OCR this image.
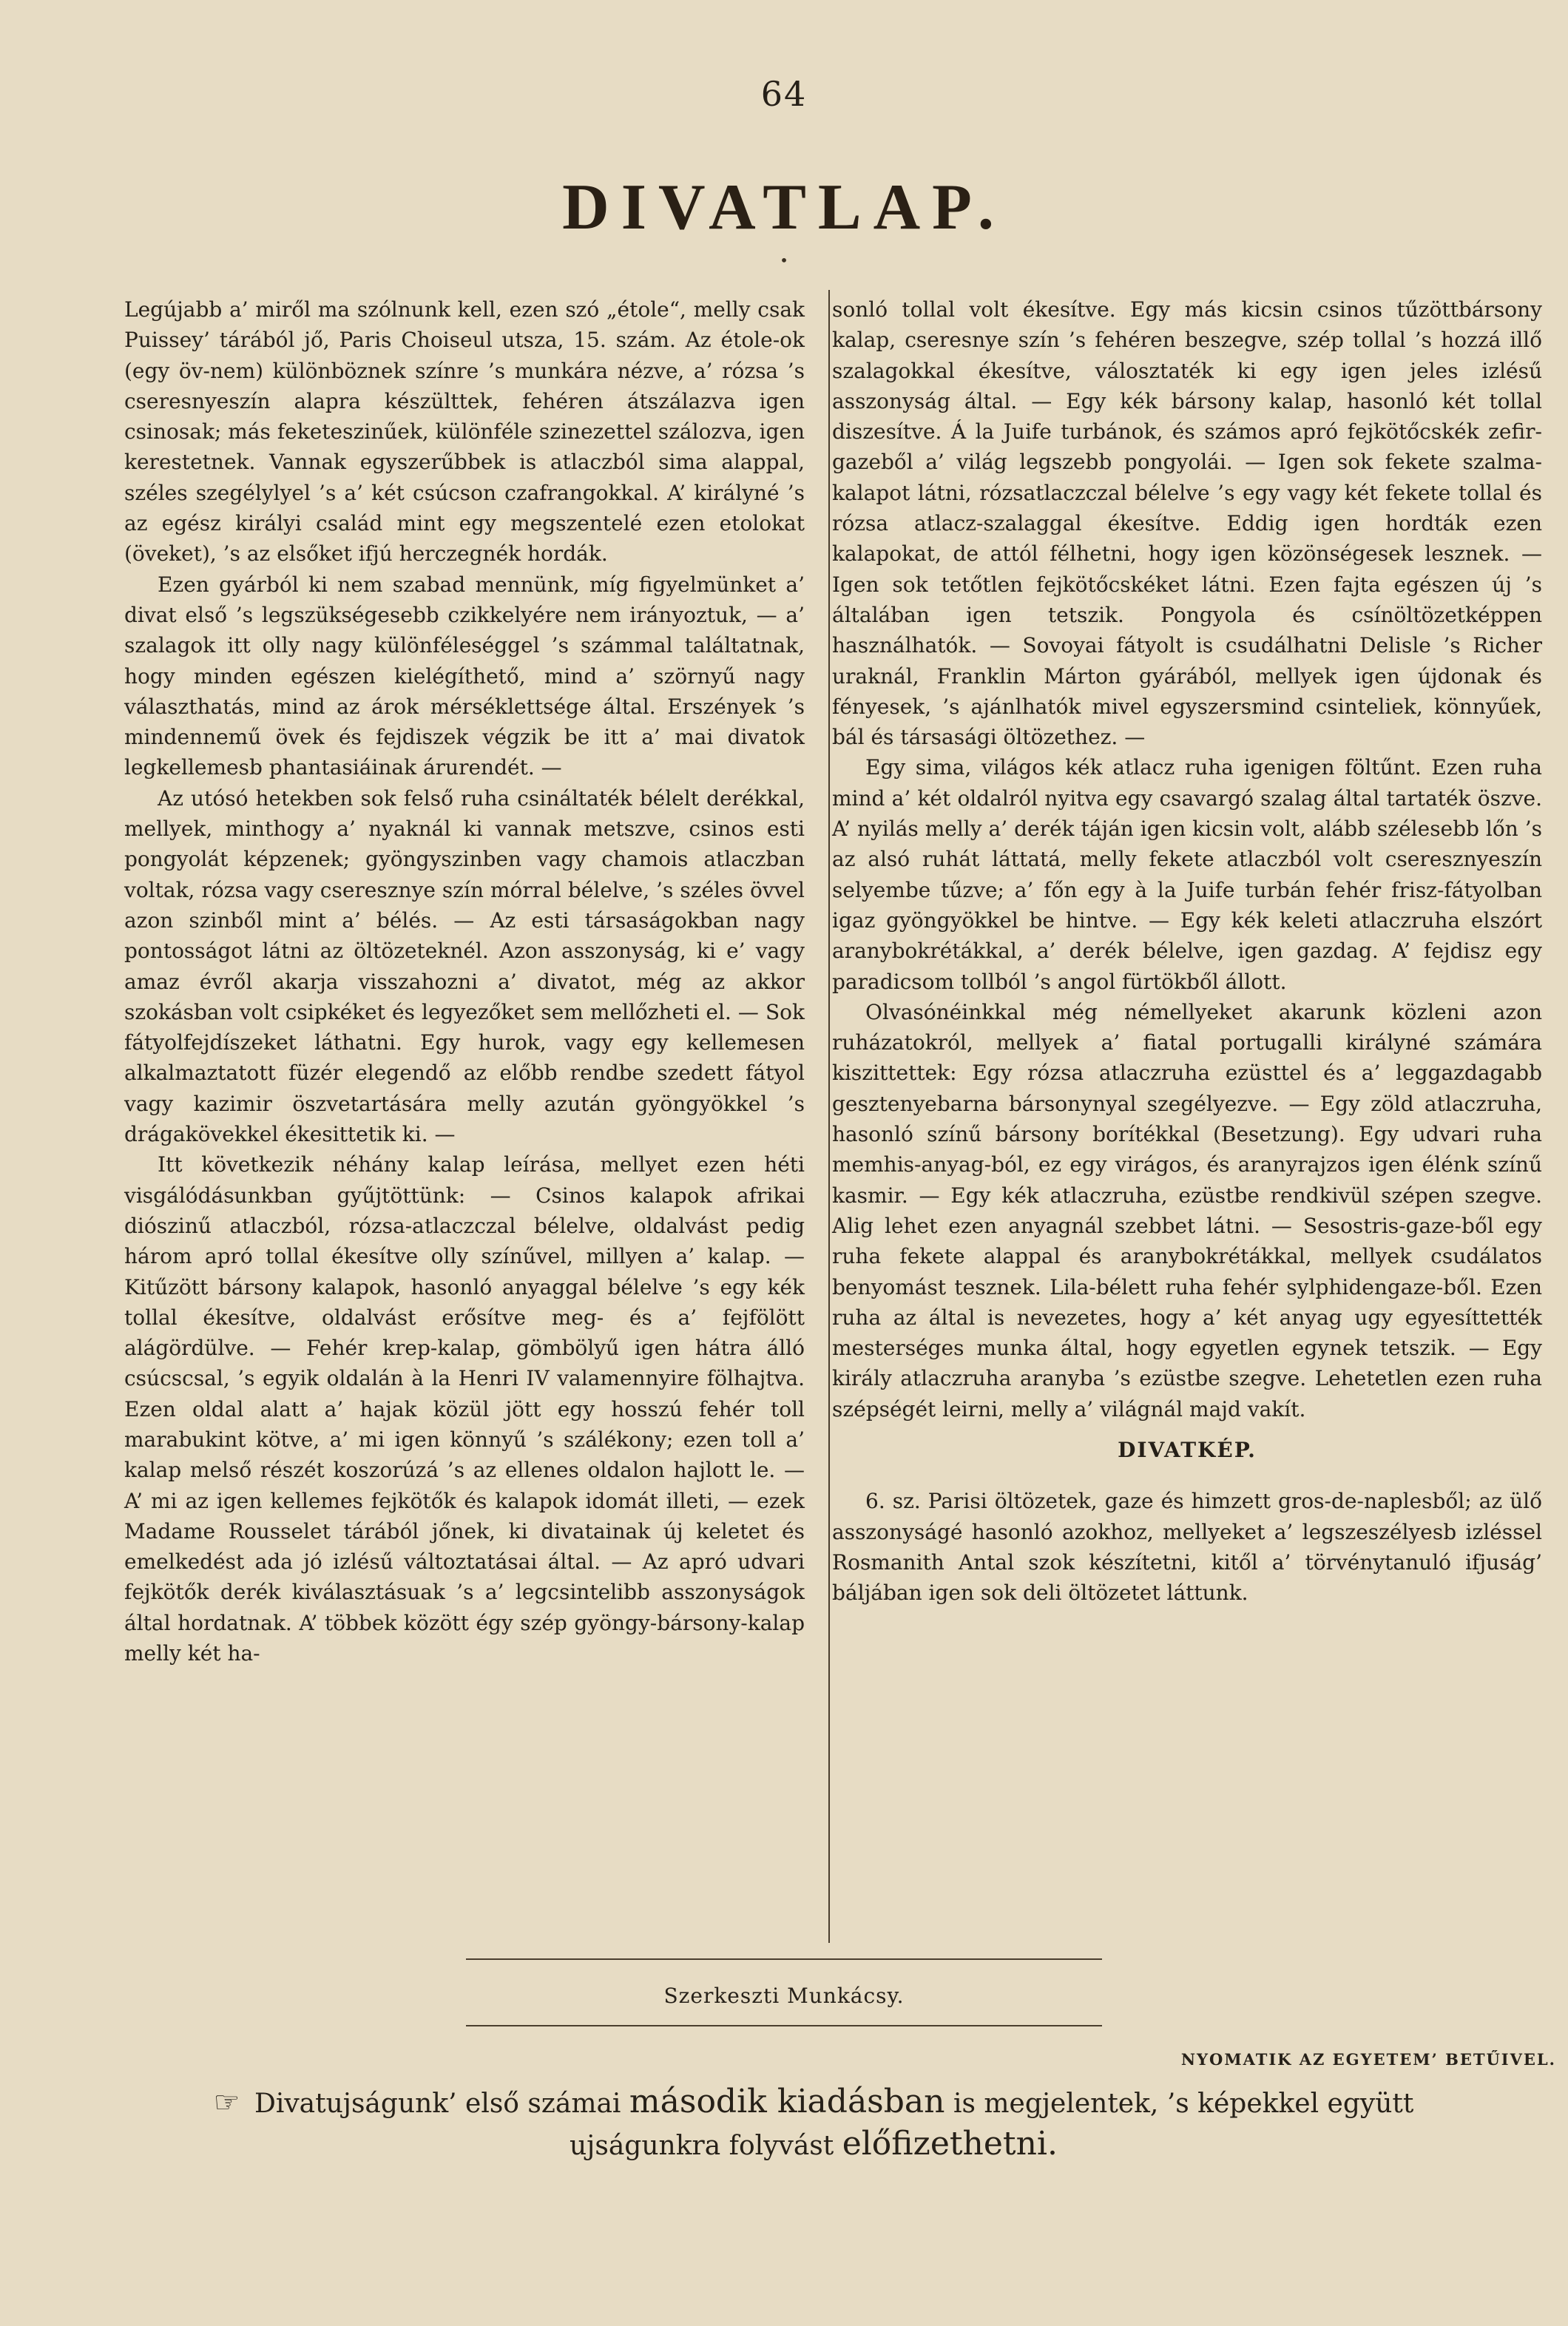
64
DIVATLAP.
•

Legújabb a’ miről ma szólnunk kell, ezen szó „étole“, melly csak Puissey’ tárából jő, Paris Choiseul utsza, 15. szám. Az étole-ok (egy öv-nem) különböznek színre ’s munkára nézve, a’ rózsa ’s cseresnyeszín alapra készülttek, fehéren átszálazva igen csinosak; más feketeszinűek, különféle szinezettel szálozva, igen kerestetnek. Vannak egyszerűbbek is atlaczból sima alappal, széles szegélylyel ’s a’ két csúcson czafrangokkal. A’ királyné ’s az egész királyi család mint egy megszentelé ezen etolokat (öveket), ’s az elsőket ifjú herczegnék hordák.

Ezen gyárból ki nem szabad mennünk, míg figyelmünket a’ divat első ’s legszükségesebb czikkelyére nem irányoztuk, — a’ szalagok itt olly nagy különféleséggel ’s számmal találtatnak, hogy minden egészen kielégíthető, mind a’ szörnyű nagy választhatás, mind az árok mérséklettsége által. Erszények ’s mindennemű övek és fejdiszek végzik be itt a’ mai divatok legkellemesb phantasiáinak árurendét. —

Az utósó hetekben sok felső ruha csináltaték bélelt derékkal, mellyek, minthogy a’ nyaknál ki vannak metszve, csinos esti pongyolát képzenek; gyöngyszinben vagy chamois atlaczban voltak, rózsa vagy cseresznye szín mórral bélelve, ’s széles övvel azon szinből mint a’ bélés. — Az esti társaságokban nagy pontosságot látni az öltözeteknél. Azon asszonyság, ki e’ vagy amaz évről akarja visszahozni a’ divatot, még az akkor szokásban volt csipkéket és legyezőket sem mellőzheti el. — Sok fátyolfejdíszeket láthatni. Egy hurok, vagy egy kellemesen alkalmaztatott füzér elegendő az előbb rendbe szedett fátyol vagy kazimir öszvetartására melly azután gyöngyökkel ’s drágakövekkel ékesittetik ki. —

Itt következik néhány kalap leírása, mellyet ezen héti visgálódásunkban gyűjtöttünk: — Csinos kalapok afrikai diószinű atlaczból, rózsa-atlaczczal bélelve, oldalvást pedig három apró tollal ékesítve olly színűvel, millyen a’ kalap. — Kitűzött bársony kalapok, hasonló anyaggal bélelve ’s egy kék tollal ékesítve, oldalvást erősítve meg- és a’ fejfölött alágördülve. — Fehér krep-kalap, gömbölyű igen hátra álló csúcscsal, ’s egyik oldalán à la Henri IV valamennyire fölhajtva. Ezen oldal alatt a’ hajak közül jött egy hosszú fehér toll marabukint kötve, a’ mi igen könnyű ’s szálékony; ezen toll a’ kalap melső részét koszorúzá ’s az ellenes oldalon hajlott le. — A’ mi az igen kellemes fejkötők és kalapok idomát illeti, — ezek Madame Rousselet tárából jőnek, ki divatainak új keletet és emelkedést ada jó izlésű változtatásai által. — Az apró udvari fejkötők derék kiválasztásuak ’s a’ legcsintelibb asszonyságok által hordatnak. A’ többek között égy szép gyöngy-bársony-kalap melly két ha-

sonló tollal volt ékesítve. Egy más kicsin csinos tűzöttbársony kalap, cseresnye szín ’s fehéren beszegve, szép tollal ’s hozzá illő szalagokkal ékesítve, válosztaték ki egy igen jeles izlésű asszonyság által. — Egy kék bársony kalap, hasonló két tollal diszesítve. Á la Juife turbánok, és számos apró fejkötőcskék zefir-gazeből a’ világ legszebb pongyolái. — Igen sok fekete szalma-kalapot látni, rózsatlaczczal bélelve ’s egy vagy két fekete tollal és rózsa atlacz-szalaggal ékesítve. Eddig igen hordták ezen kalapokat, de attól félhetni, hogy igen közönségesek lesznek. — Igen sok tetőtlen fejkötőcskéket látni. Ezen fajta egészen új ’s általában igen tetszik. Pongyola és csínöltözetképpen használhatók. — Sovoyai fátyolt is csudálhatni Delisle ’s Richer uraknál, Franklin Márton gyárából, mellyek igen újdonak és fényesek, ’s ajánlhatók mivel egyszersmind csinteliek, könnyűek, bál és társasági öltözethez. —

Egy sima, világos kék atlacz ruha igenigen föltűnt. Ezen ruha mind a’ két oldalról nyitva egy csavargó szalag által tartaték öszve. A’ nyilás melly a’ derék táján igen kicsin volt, alább szélesebb lőn ’s az alsó ruhát láttatá, melly fekete atlaczból volt cseresznyeszín selyembe tűzve; a’ főn egy à la Juife turbán fehér frisz-fátyolban igaz gyöngyökkel be hintve. — Egy kék keleti atlaczruha elszórt aranybokrétákkal, a’ derék bélelve, igen gazdag. A’ fejdisz egy paradicsom tollból ’s angol fürtökből állott.

Olvasónéinkkal még némellyeket akarunk közleni azon ruházatokról, mellyek a’ fiatal portugalli királyné számára kiszittettek: Egy rózsa atlaczruha ezüsttel és a’ leggazdagabb gesztenyebarna bársonynyal szegélyezve. — Egy zöld atlaczruha, hasonló színű bársony borítékkal (Besetzung). Egy udvari ruha memhis-anyag-ból, ez egy virágos, és aranyrajzos igen élénk színű kasmir. — Egy kék atlaczruha, ezüstbe rendkivül szépen szegve. Alig lehet ezen anyagnál szebbet látni. — Sesostris-gaze-ből egy ruha fekete alappal és aranybokrétákkal, mellyek csudálatos benyomást tesznek. Lila-bélett ruha fehér sylphidengaze-ből. Ezen ruha az által is nevezetes, hogy a’ két anyag ugy egyesíttették mesterséges munka által, hogy egyetlen egynek tetszik. — Egy király atlaczruha aranyba ’s ezüstbe szegve. Lehetetlen ezen ruha szépségét leirni, melly a’ világnál majd vakít.

DIVATKÉP.

6. sz. Parisi öltözetek, gaze és himzett gros-de-naplesből; az ülő asszonyságé hasonló azokhoz, mellyeket a’ legszeszélyesb izléssel Rosmanith Antal szok készítetni, kitől a’ törvénytanuló ifjuság’ báljában igen sok deli öltözetet láttunk.

Szerkeszti Munkácsy.
NYOMATIK AZ EGYETEM’ BETŰIVEL.
☞ Divatujságunk’ első számai második kiadásban is megjelentek, ’s képekkel együtt
ujságunkra folyvást előfizethetni.
